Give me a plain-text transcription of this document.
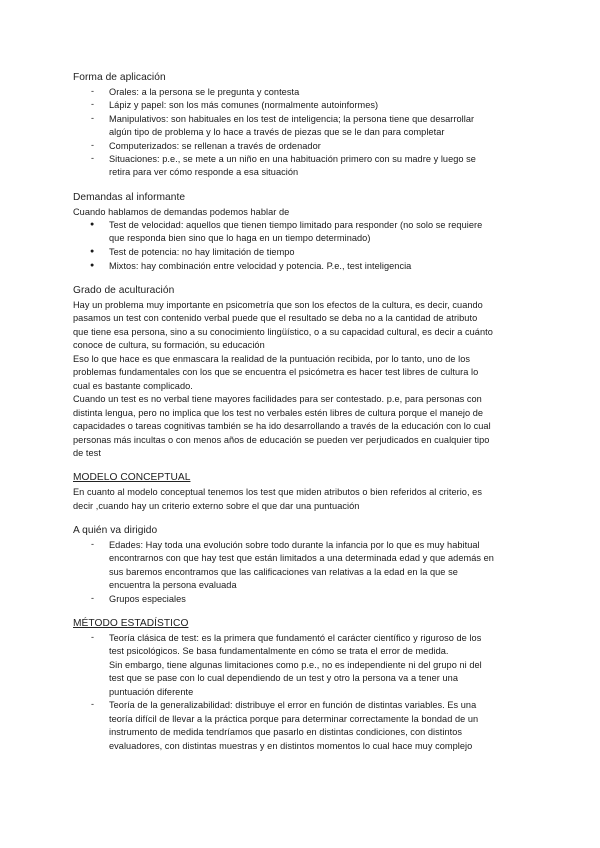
Forma de aplicación
- Orales: a la persona se le pregunta y contesta
- Lápiz y papel: son los más comunes (normalmente autoinformes)
- Manipulativos: son habituales en los test de inteligencia; la persona tiene que desarrollar
algún tipo de problema y lo hace a través de piezas que se le dan para completar
- Computerizados: se rellenan a través de ordenador
- Situaciones: p.e., se mete a un niño en una habituación primero con su madre y luego se
retira para ver cómo responde a esa situación
Demandas al informante
Cuando hablamos de demandas podemos hablar de
● Test de velocidad: aquellos que tienen tiempo limitado para responder (no solo se requiere
que responda bien sino que lo haga en un tiempo determinado)
● Test de potencia: no hay limitación de tiempo
● Mixtos: hay combinación entre velocidad y potencia. P.e., test inteligencia
Grado de aculturación
Hay un problema muy importante en psicometría que son los efectos de la cultura, es decir, cuando
pasamos un test con contenido verbal puede que el resultado se deba no a la cantidad de atributo
que tiene esa persona, sino a su conocimiento lingüístico, o a su capacidad cultural, es decir a cuánto
conoce de cultura, su formación, su educación
Eso lo que hace es que enmascara la realidad de la puntuación recibida, por lo tanto, uno de los
problemas fundamentales con los que se encuentra el psicómetra es hacer test libres de cultura lo
cual es bastante complicado.
Cuando un test es no verbal tiene mayores facilidades para ser contestado. p.e, para personas con
distinta lengua, pero no implica que los test no verbales estén libres de cultura porque el manejo de
capacidades o tareas cognitivas también se ha ido desarrollando a través de la educación con lo cual
personas más incultas o con menos años de educación se pueden ver perjudicados en cualquier tipo
de test
MODELO CONCEPTUAL
En cuanto al modelo conceptual tenemos los test que miden atributos o bien referidos al criterio, es
decir ,cuando hay un criterio externo sobre el que dar una puntuación
A quién va dirigido
- Edades: Hay toda una evolución sobre todo durante la infancia por lo que es muy habitual
encontrarnos con que hay test que están limitados a una determinada edad y que además en
sus baremos encontramos que las calificaciones van relativas a la edad en la que se
encuentra la persona evaluada
- Grupos especiales
MÉTODO ESTADÍSTICO
- Teoría clásica de test: es la primera que fundamentó el carácter científico y riguroso de los
test psicológicos. Se basa fundamentalmente en cómo se trata el error de medida.
Sin embargo, tiene algunas limitaciones como p.e., no es independiente ni del grupo ni del
test que se pase con lo cual dependiendo de un test y otro la persona va a tener una
puntuación diferente
- Teoría de la generalizabilidad: distribuye el error en función de distintas variables. Es una
teoría difícil de llevar a la práctica porque para determinar correctamente la bondad de un
instrumento de medida tendríamos que pasarlo en distintas condiciones, con distintos
evaluadores, con distintas muestras y en distintos momentos lo cual hace muy complejo
